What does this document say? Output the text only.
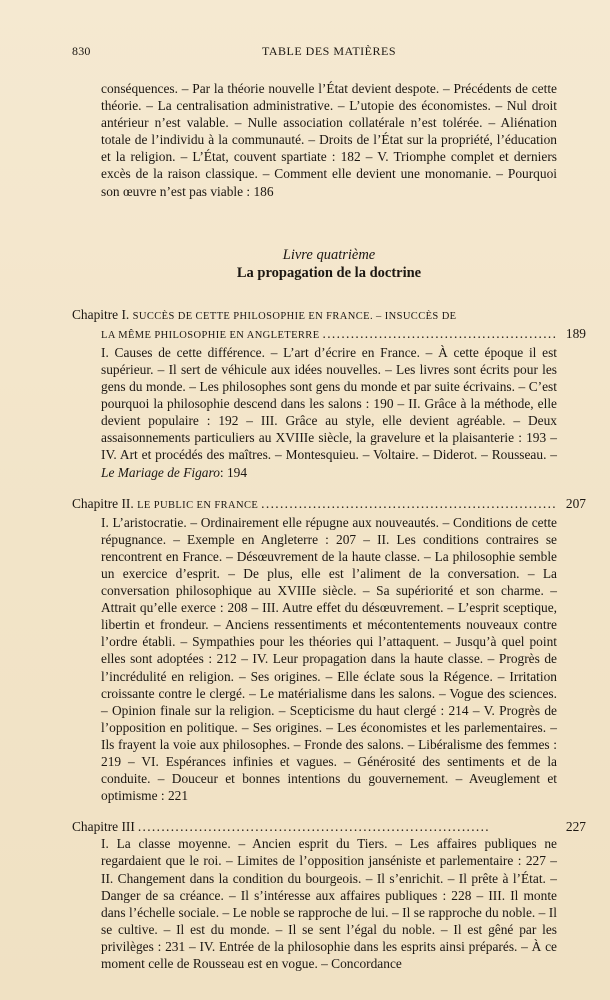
830	TABLE DES MATIÈRES

conséquences. – Par la théorie nouvelle l’État devient despote. – Précédents de cette théorie. – La centralisation administrative. – L’utopie des économistes. – Nul droit antérieur n’est valable. – Nulle association collatérale n’est tolérée. – Aliénation totale de l’individu à la communauté. – Droits de l’État sur la propriété, l’éducation et la religion. – L’État, couvent spartiate : 182 – V. Triomphe complet et derniers excès de la raison classique. – Comment elle devient une monomanie. – Pourquoi son œuvre n’est pas viable : 186

Livre quatrième
La propagation de la doctrine
Chapitre I.
SUCCÈS DE CETTE PHILOSOPHIE EN FRANCE. – INSUCCÈS DE
LA MÊME PHILOSOPHIE EN ANGLETERRE . . .	189

I. Causes de cette différence. – L’art d’écrire en France. – À cette époque il est supérieur. – Il sert de véhicule aux idées nouvelles. – Les livres sont écrits pour les gens du monde. – Les philosophes sont gens du monde et par suite écrivains. – C’est pourquoi la philosophie descend dans les salons : 190 – II. Grâce à la méthode, elle devient populaire : 192 – III. Grâce au style, elle devient agréable. – Deux assaisonnements particuliers au XVIIIe siècle, la gravelure et la plaisanterie : 193 – IV. Art et procédés des maîtres. – Montesquieu. – Voltaire. – Diderot. – Rousseau. – Le Mariage de Figaro: 194

Chapitre II.
LE PUBLIC EN FRANCE . . .	207

I. L’aristocratie. – Ordinairement elle répugne aux nouveautés. – Conditions de cette répugnance. – Exemple en Angleterre : 207 – II. Les conditions contraires se rencontrent en France. – Désœuvrement de la haute classe. – La philosophie semble un exercice d’esprit. – De plus, elle est l’aliment de la conversation. – La conversation philosophique au XVIIIe siècle. – Sa supériorité et son charme. – Attrait qu’elle exerce : 208 – III. Autre effet du désœuvrement. – L’esprit sceptique, libertin et frondeur. – Anciens ressentiments et mécontentements nouveaux contre l’ordre établi. – Sympathies pour les théories qui l’attaquent. – Jusqu’à quel point elles sont adoptées : 212 – IV. Leur propagation dans la haute classe. – Progrès de l’incrédulité en religion. – Ses origines. – Elle éclate sous la Régence. – Irritation croissante contre le clergé. – Le matérialisme dans les salons. – Vogue des sciences. – Opinion finale sur la religion. – Scepticisme du haut clergé : 214 – V. Progrès de l’opposition en politique. – Ses origines. – Les économistes et les parlementaires. – Ils frayent la voie aux philosophes. – Fronde des salons. – Libéralisme des femmes : 219 – VI. Espérances infinies et vagues. – Générosité des sentiments et de la conduite. – Douceur et bonnes intentions du gouvernement. – Aveuglement et optimisme : 221

Chapitre III . . .	227

I. La classe moyenne. – Ancien esprit du Tiers. – Les affaires publiques ne regardaient que le roi. – Limites de l’opposition janséniste et parlementaire : 227 – II. Changement dans la condition du bourgeois. – Il s’enrichit. – Il prête à l’État. – Danger de sa créance. – Il s’intéresse aux affaires publiques : 228 – III. Il monte dans l’échelle sociale. – Le noble se rapproche de lui. – Il se rapproche du noble. – Il se cultive. – Il est du monde. – Il se sent l’égal du noble. – Il est gêné par les privilèges : 231 – IV. Entrée de la philosophie dans les esprits ainsi préparés. – À ce moment celle de Rousseau est en vogue. – Concordance
